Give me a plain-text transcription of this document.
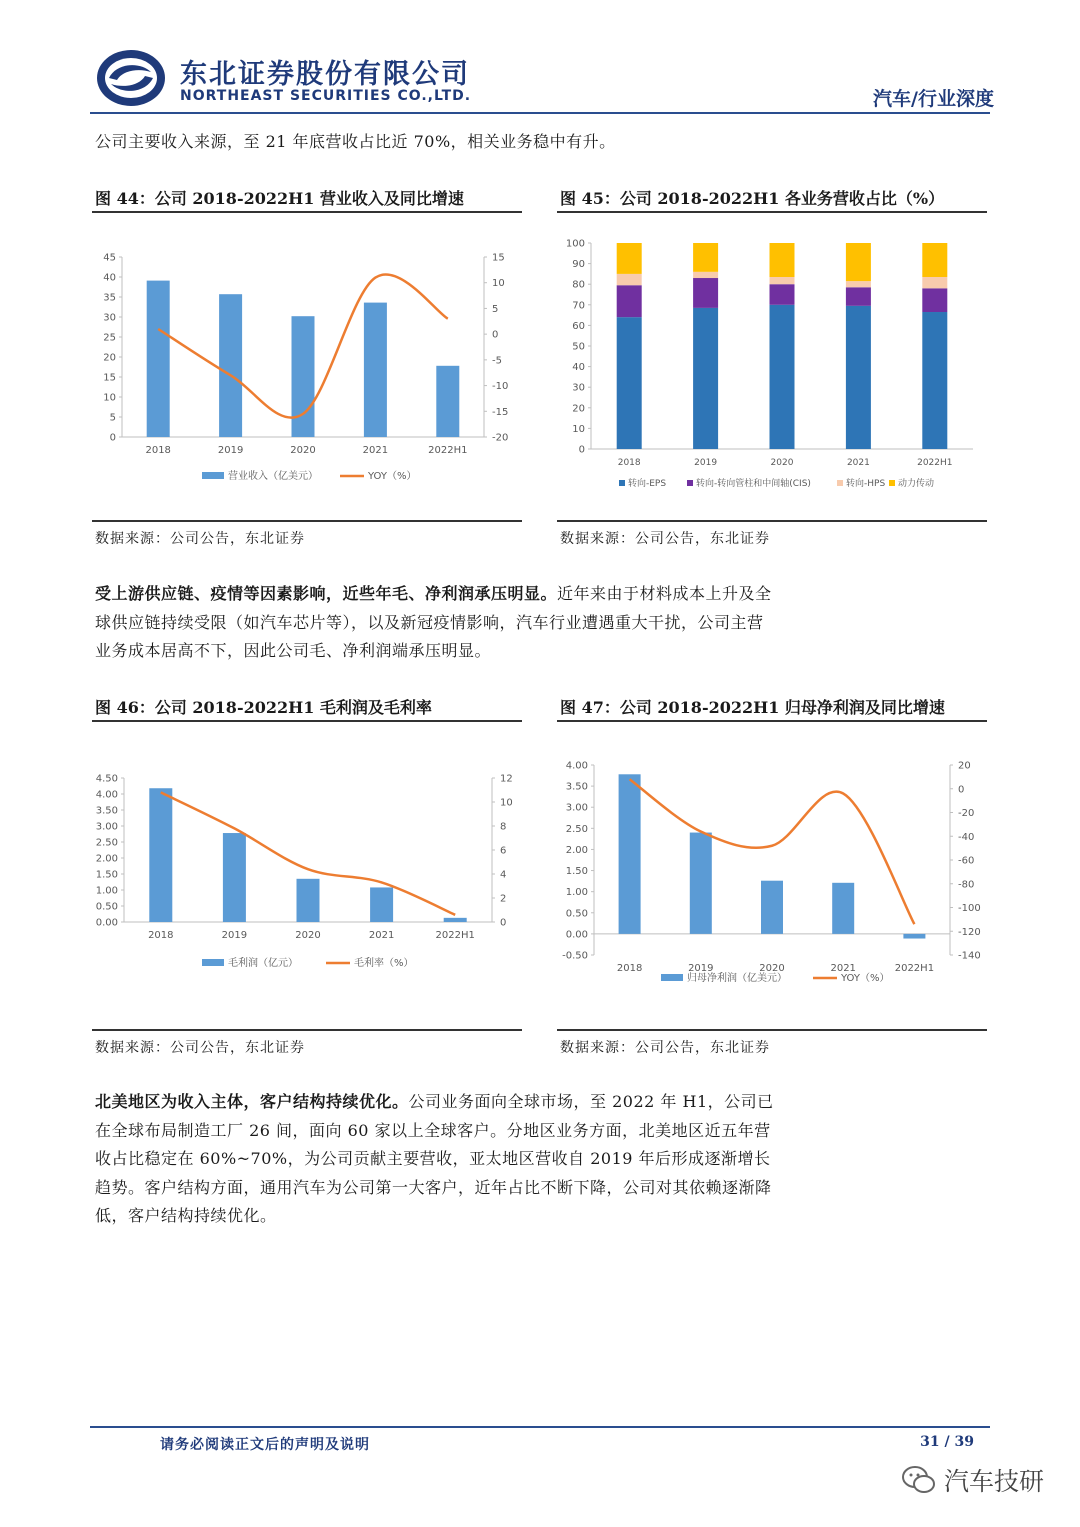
东北证券股份有限公司
NORTHEAST SECURITIES CO.,LTD.	汽车/行业深度
公司主要收入来源，至 21 年底营收占比近 70%，相关业务稳中有升。
图 44：公司 2018-2022H1 营业收入及同比增速
0
5
10
15
20
25
30
35
40
45
-20
-15
-10
-5
0
5
10
15
2018	2019	2020	2021	2022H1
营业收入（亿美元）	YOY（%）
数据来源：公司公告，东北证券
图 45：公司 2018-2022H1 各业务营收占比（%）
0
10
20
30
40
50
60
70
80
90
100
2018	2019	2020	2021	2022H1
转向-EPS	转向-转向管柱和中间轴(CIS)	转向-HPS 动力传动
数据来源：公司公告，东北证券
受上游供应链、疫情等因素影响，近些年毛、净利润承压明显。近年来由于材料成本上升及全球供应链持续受限（如汽车芯片等），以及新冠疫情影响，汽车行业遭遇重大干扰，公司主营业务成本居高不下，因此公司毛、净利润端承压明显。
图 46：公司 2018-2022H1 毛利润及毛利率
0.00
0.50
1.00
1.50
2.00
2.50
3.00
3.50
4.00
4.50
0
2
4
6
8
10
12
2018	2019	2020	2021	2022H1
毛利润（亿元）	毛利率（%）
数据来源：公司公告，东北证券
图 47：公司 2018-2022H1 归母净利润及同比增速
-0.50
0.00
0.50
1.00
1.50
2.00
2.50
3.00
3.50
4.00
-140
-120
-100
-80
-60
-40
-20
0
20
2018	2019	2020	2021	2022H1
归母净利润（亿美元）	YOY（%）
数据来源：公司公告，东北证券
北美地区为收入主体，客户结构持续优化。公司业务面向全球市场，至 2022 年 H1，公司已在全球布局制造工厂 26 间，面向 60 家以上全球客户。分地区业务方面，北美地区近五年营收占比稳定在 60%~70%，为公司贡献主要营收，亚太地区营收自 2019 年后形成逐渐增长趋势。客户结构方面，通用汽车为公司第一大客户，近年占比不断下降，公司对其依赖逐渐降低，客户结构持续优化。
请务必阅读正文后的声明及说明	31 / 39
汽车技研
